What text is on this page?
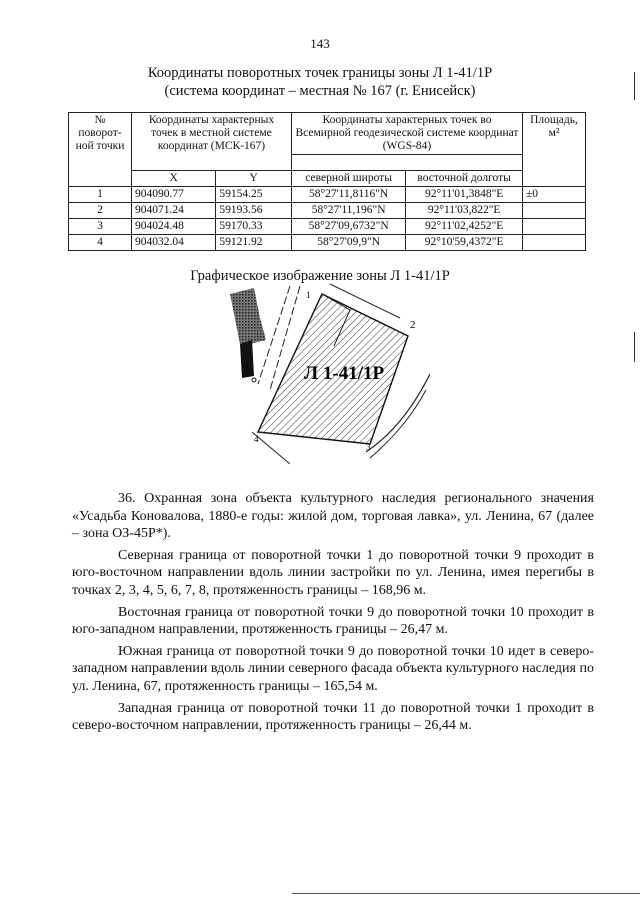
143
Координаты поворотных точек границы зоны Л 1-41/1Р
(система координат – местная № 167 (г. Енисейск)
№ поворот-ной точки	Координаты характерных точек в местной системе координат (МСК-167)		Координаты характерных точек во Всемирной геодезической системе координат (WGS-84)		Площадь, м²

	X	Y	северной широты	восточной долготы	
1	904090.77	59154.25	58°27'11,8116"N	92°11'01,3848"E	±0
2	904071.24	59193.56	58°27'11,196"N	92°11'03,822"E	
3	904024.48	59170.33	58°27'09,6732"N	92°11'02,4252"E	
4	904032.04	59121.92	58°27'09,9"N	92°10'59,4372"E	
Графическое изображение зоны Л 1-41/1Р
1
2
3
4
Л 1-41/1Р

36. Охранная зона объекта культурного наследия регионального значения «Усадьба Коновалова, 1880-е годы: жилой дом, торговая лавка», ул. Ленина, 67 (далее – зона ОЗ-45Р*).

Северная граница от поворотной точки 1 до поворотной точки 9 проходит в юго-восточном направлении вдоль линии застройки по ул. Ленина, имея перегибы в точках 2, 3, 4, 5, 6, 7, 8, протяженность границы – 168,96 м.

Восточная граница от поворотной точки 9 до поворотной точки 10 проходит в юго-западном направлении, протяженность границы – 26,47 м.

Южная граница от поворотной точки 9 до поворотной точки 10 идет в северо-западном направлении вдоль линии северного фасада объекта культурного наследия по ул. Ленина, 67, протяженность границы – 165,54 м.

Западная граница от поворотной точки 11 до поворотной точки 1 проходит в северо-восточном направлении, протяженность границы – 26,44 м.
